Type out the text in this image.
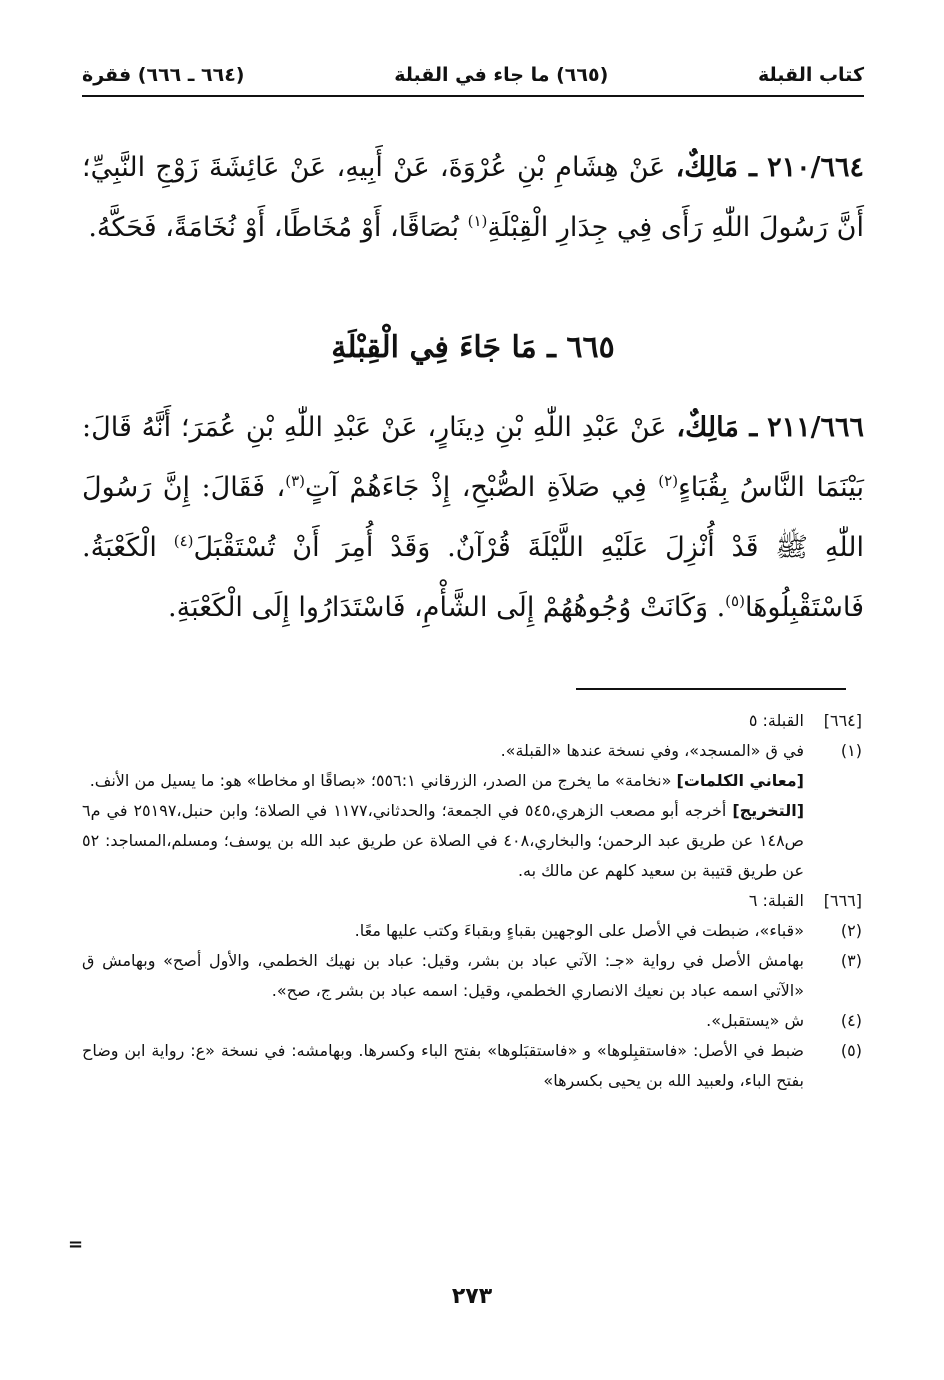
كتاب القبلة
(٦٦٥) ما جاء في القبلة
(٦٦٤ ـ ٦٦٦) فقرة
٢١٠/٦٦٤ ـ مَالِكٌ، عَنْ هِشَامِ بْنِ عُرْوَةَ، عَنْ أَبِيهِ، عَنْ عَائِشَةَ زَوْجِ النَّبِيِّ؛ أَنَّ رَسُولَ اللّٰهِ رَأَى فِي جِدَارِ الْقِبْلَةِ$^{(١)}$ بُصَاقًا، أَوْ مُخَاطًا، أَوْ نُخَامَةً، فَحَكَّهُ.
٦٦٥ ـ مَا جَاءَ فِي الْقِبْلَةِ
٢١١/٦٦٦ ـ مَالِكٌ، عَنْ عَبْدِ اللّٰهِ بْنِ دِينَارٍ، عَنْ عَبْدِ اللّٰهِ بْنِ عُمَرَ؛ أَنَّهُ قَالَ: بَيْنَمَا النَّاسُ بِقُبَاءٍ$^{(٢)}$ فِي صَلاَةِ الصُّبْحِ، إِذْ جَاءَهُمْ آتٍ$^{(٣)}$، فَقَالَ: إِنَّ رَسُولَ اللّٰهِ ﷺ قَدْ أُنْزِلَ عَلَيْهِ اللَّيْلَةَ قُرْآنٌ. وَقَدْ أُمِرَ أَنْ تُسْتَقْبَلَ$^{(٤)}$ الْكَعْبَةُ. فَاسْتَقْبِلُوهَا$^{(٥)}$. وَكَانَتْ وُجُوهُهُمْ إِلَى الشَّأْمِ، فَاسْتَدَارُوا إِلَى الْكَعْبَةِ.
[٦٦٤]
القبلة: ٥
(١)
في ق «المسجد»، وفي نسخة عندها «القبلة».
[معاني الكلمات] «نخامة» ما يخرج من الصدر، الزرقاني ٥٥٦:١؛ «بصاقًا او مخاطا» هو: ما يسيل من الأنف.
[التخريج] أخرجه أبو مصعب الزهري،٥٤٥ في الجمعة؛ والحدثاني،١١٧٧ في الصلاة؛ وابن حنبل،٢٥١٩٧ في م٦ ص١٤٨ عن طريق عبد الرحمن؛ والبخاري،٤٠٨ في الصلاة عن طريق عبد الله بن يوسف؛ ومسلم،المساجد: ٥٢ عن طريق قتيبة بن سعيد كلهم عن مالك به.
[٦٦٦]
القبلة: ٦
(٢)
«قباء»، ضبطت في الأصل على الوجهين بقباءٍ وبقباءَ وكتب عليها معًا.
(٣)
بهامش الأصل في رواية «جـ: الآتي عباد بن بشر، وقيل: عباد بن نهيك الخطمي، والأول أصح» وبهامش ق «الآتي اسمه عباد بن نعيك الانصاري الخطمي، وقيل: اسمه عباد بن بشر ج، صح».
(٤)
ش «يستقبل».
(٥)
ضبط في الأصل: «فاستقبِلوها» و «فاستقبَلوها» بفتح الباء وكسرها. وبهامشه: في نسخة «ع: رواية ابن وضاح بفتح الباء، ولعبيد الله بن يحيى بكسرها»
=
٢٧٣
